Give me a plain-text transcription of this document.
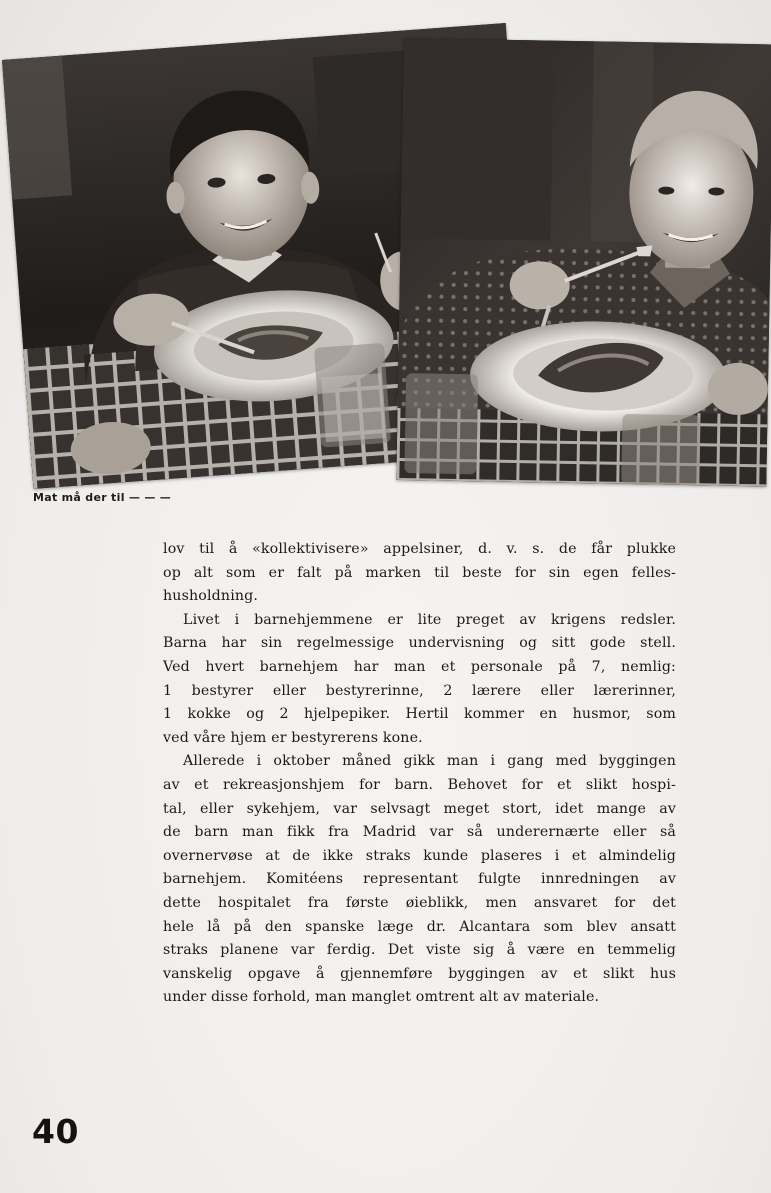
Mat må der til — — —
lov til å «kollektivisere» appelsiner, d. v. s. de får plukke
op alt som er falt på marken til beste for sin egen felles-
husholdning.
Livet i barnehjemmene er lite preget av krigens redsler.
Barna har sin regelmessige undervisning og sitt gode stell.
Ved hvert barnehjem har man et personale på 7, nemlig:
1 bestyrer eller bestyrerinne, 2 lærere eller lærerinner,
1 kokke og 2 hjelpepiker. Hertil kommer en husmor, som
ved våre hjem er bestyrerens kone.
Allerede i oktober måned gikk man i gang med byggingen
av et rekreasjonshjem for barn. Behovet for et slikt hospi-
tal, eller sykehjem, var selvsagt meget stort, idet mange av
de barn man fikk fra Madrid var så underernærte eller så
overnervøse at de ikke straks kunde plaseres i et almindelig
barnehjem. Komitéens representant fulgte innredningen av
dette hospitalet fra første øieblikk, men ansvaret for det
hele lå på den spanske læge dr. Alcantara som blev ansatt
straks planene var ferdig. Det viste sig å være en temmelig
vanskelig opgave å gjennemføre byggingen av et slikt hus
under disse forhold, man manglet omtrent alt av materiale.
40
